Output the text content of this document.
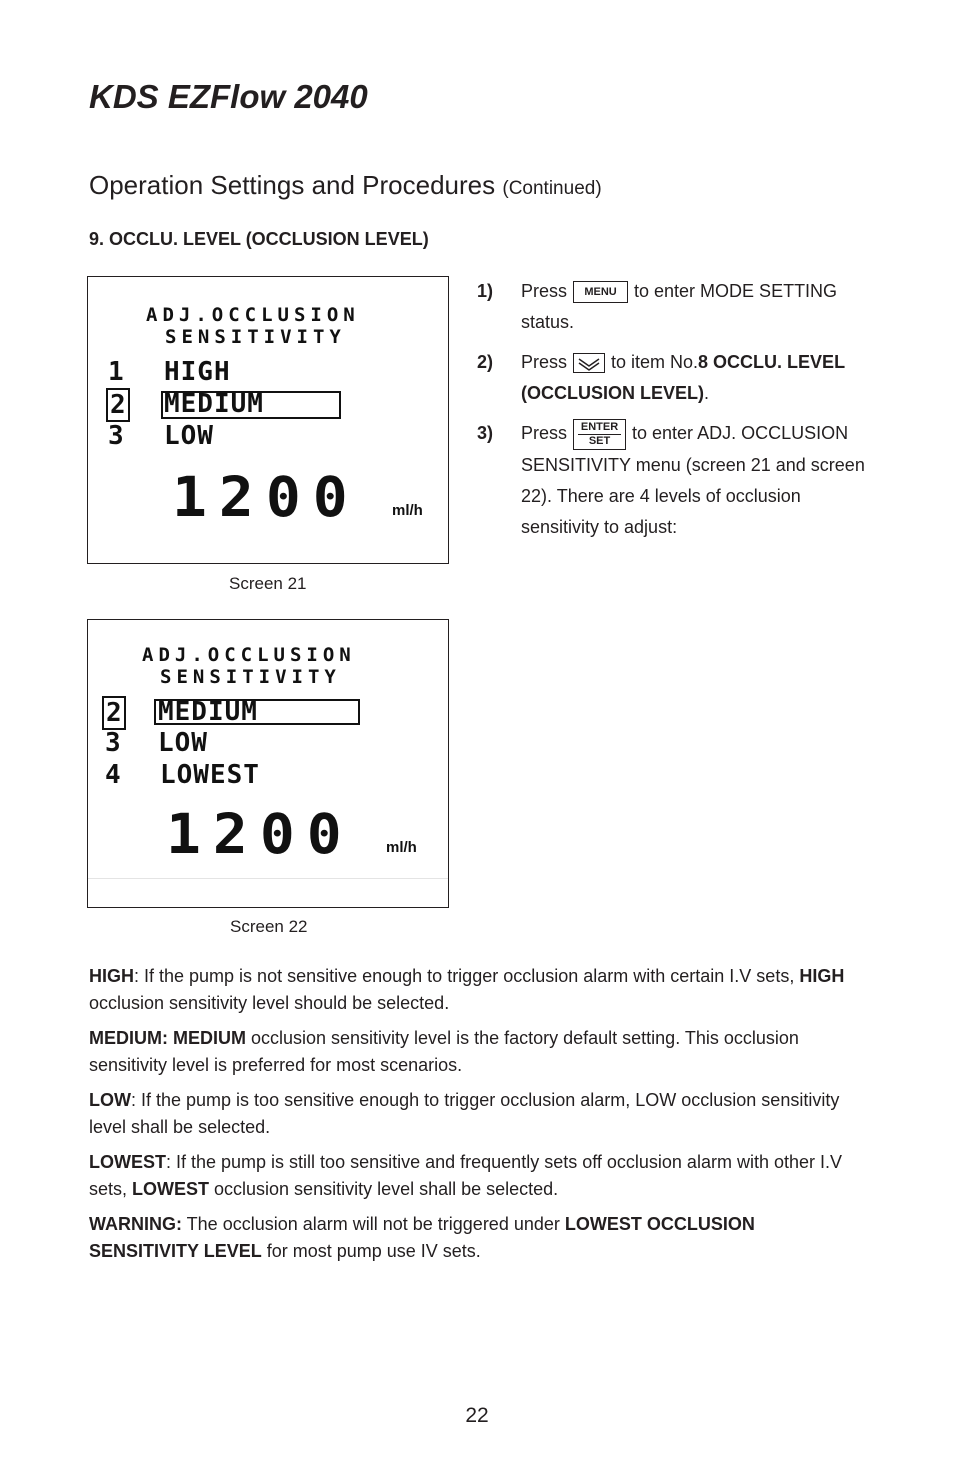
KDS EZFlow 2040
Operation Settings and Procedures (Continued)
9. OCCLU. LEVEL (OCCLUSION LEVEL)
ADJ.OCCLUSION
SENSITIVITY
1 HIGH
2 MEDIUM
3 LOW
1200 ml/h
Screen 21
ADJ.OCCLUSION
SENSITIVITY
2 MEDIUM
3 LOW
4 LOWEST
1200 ml/h
Screen 22
1) Press MENU to enter MODE SETTING status.
2) Press to item No.8 OCCLU. LEVEL (OCCLUSION LEVEL).
3) Press	ENTER
SET	to enter ADJ. OCCLUSION SENSITIVITY menu (screen 21 and screen 22). There are 4 levels of occlusion sensitivity to adjust:

HIGH: If the pump is not sensitive enough to trigger occlusion alarm with certain I.V sets, HIGH occlusion sensitivity level should be selected.

MEDIUM: MEDIUM occlusion sensitivity level is the factory default setting. This occlusion sensitivity level is preferred for most scenarios.

LOW: If the pump is too sensitive enough to trigger occlusion alarm, LOW occlusion sensitivity level shall be selected.

LOWEST: If the pump is still too sensitive and frequently sets off occlusion alarm with other I.V sets, LOWEST occlusion sensitivity level shall be selected.

WARNING: The occlusion alarm will not be triggered under LOWEST OCCLUSION SENSITIVITY LEVEL for most pump use IV sets.

22
